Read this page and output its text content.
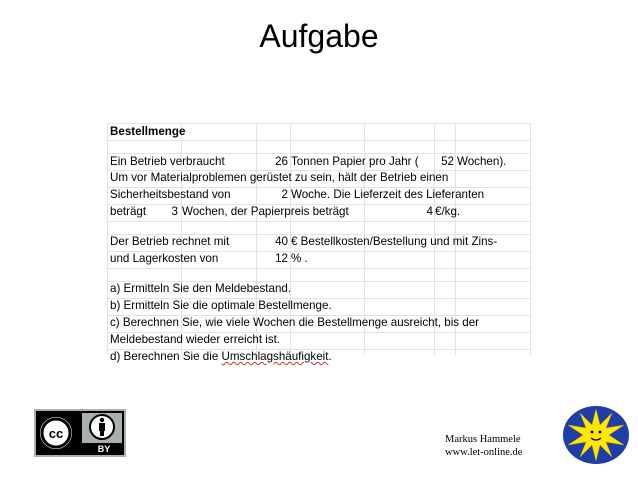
Aufgabe
Bestellmenge
Ein Betrieb verbraucht	26 Tonnen Papier pro Jahr (	52 Wochen).
Um vor Materialproblemen gerüstet zu sein, hält der Betrieb einen
Sicherheitsbestand von	2 Woche. Die Lieferzeit des Lieferanten
beträgt	3 Wochen, der Papierpreis beträgt	4 €/kg.
Der Betrieb rechnet mit	40 € Bestellkosten/Bestellung und mit Zins-
und Lagerkosten von	12 % .
a) Ermitteln Sie den Meldebestand.
b) Ermitteln Sie die optimale Bestellmenge.
c) Berechnen Sie, wie viele Wochen die Bestellmenge ausreicht, bis der
Meldebestand wieder erreicht ist.
d) Berechnen Sie die Umschlagshäufigkeit.
cc
BY
Markus Hammele
www.let-online.de
